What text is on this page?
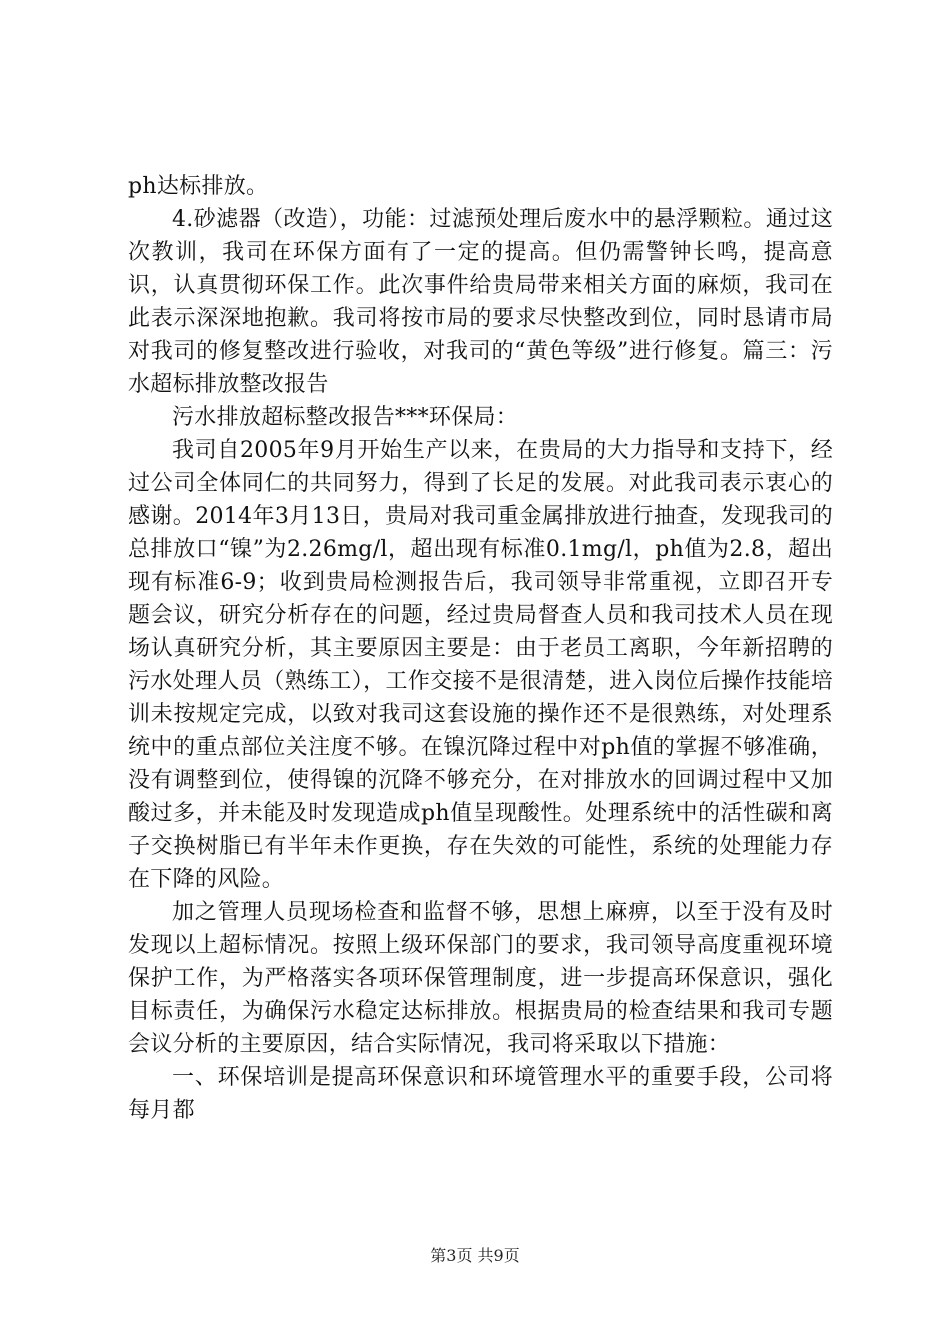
ph达标排放。

4.砂滤器（改造），功能：过滤预处理后废水中的悬浮颗粒。通过这次教训，我司在环保方面有了一定的提高。但仍需警钟长鸣，提高意识，认真贯彻环保工作。此次事件给贵局带来相关方面的麻烦，我司在此表示深深地抱歉。我司将按市局的要求尽快整改到位，同时恳请市局对我司的修复整改进行验收，对我司的“黄色等级”进行修复。篇三：污水超标排放整改报告

污水排放超标整改报告***环保局：

我司自2005年9月开始生产以来，在贵局的大力指导和支持下，经过公司全体同仁的共同努力，得到了长足的发展。对此我司表示衷心的感谢。2014年3月13日，贵局对我司重金属排放进行抽查，发现我司的总排放口“镍”为2.26mg/l，超出现有标准0.1mg/l，ph值为2.8，超出现有标准6-9；收到贵局检测报告后，我司领导非常重视，立即召开专题会议，研究分析存在的问题，经过贵局督查人员和我司技术人员在现场认真研究分析，其主要原因主要是：由于老员工离职，今年新招聘的污水处理人员（熟练工），工作交接不是很清楚，进入岗位后操作技能培训未按规定完成，以致对我司这套设施的操作还不是很熟练，对处理系统中的重点部位关注度不够。在镍沉降过程中对ph值的掌握不够准确，没有调整到位，使得镍的沉降不够充分，在对排放水的回调过程中又加酸过多，并未能及时发现造成ph值呈现酸性。处理系统中的活性碳和离子交换树脂已有半年未作更换，存在失效的可能性，系统的处理能力存在下降的风险。

加之管理人员现场检查和监督不够，思想上麻痹，以至于没有及时发现以上超标情况。按照上级环保部门的要求，我司领导高度重视环境保护工作，为严格落实各项环保管理制度，进一步提高环保意识，强化目标责任，为确保污水稳定达标排放。根据贵局的检查结果和我司专题会议分析的主要原因，结合实际情况，我司将采取以下措施：

一、环保培训是提高环保意识和环境管理水平的重要手段，公司将每月都

第3页 共9页
